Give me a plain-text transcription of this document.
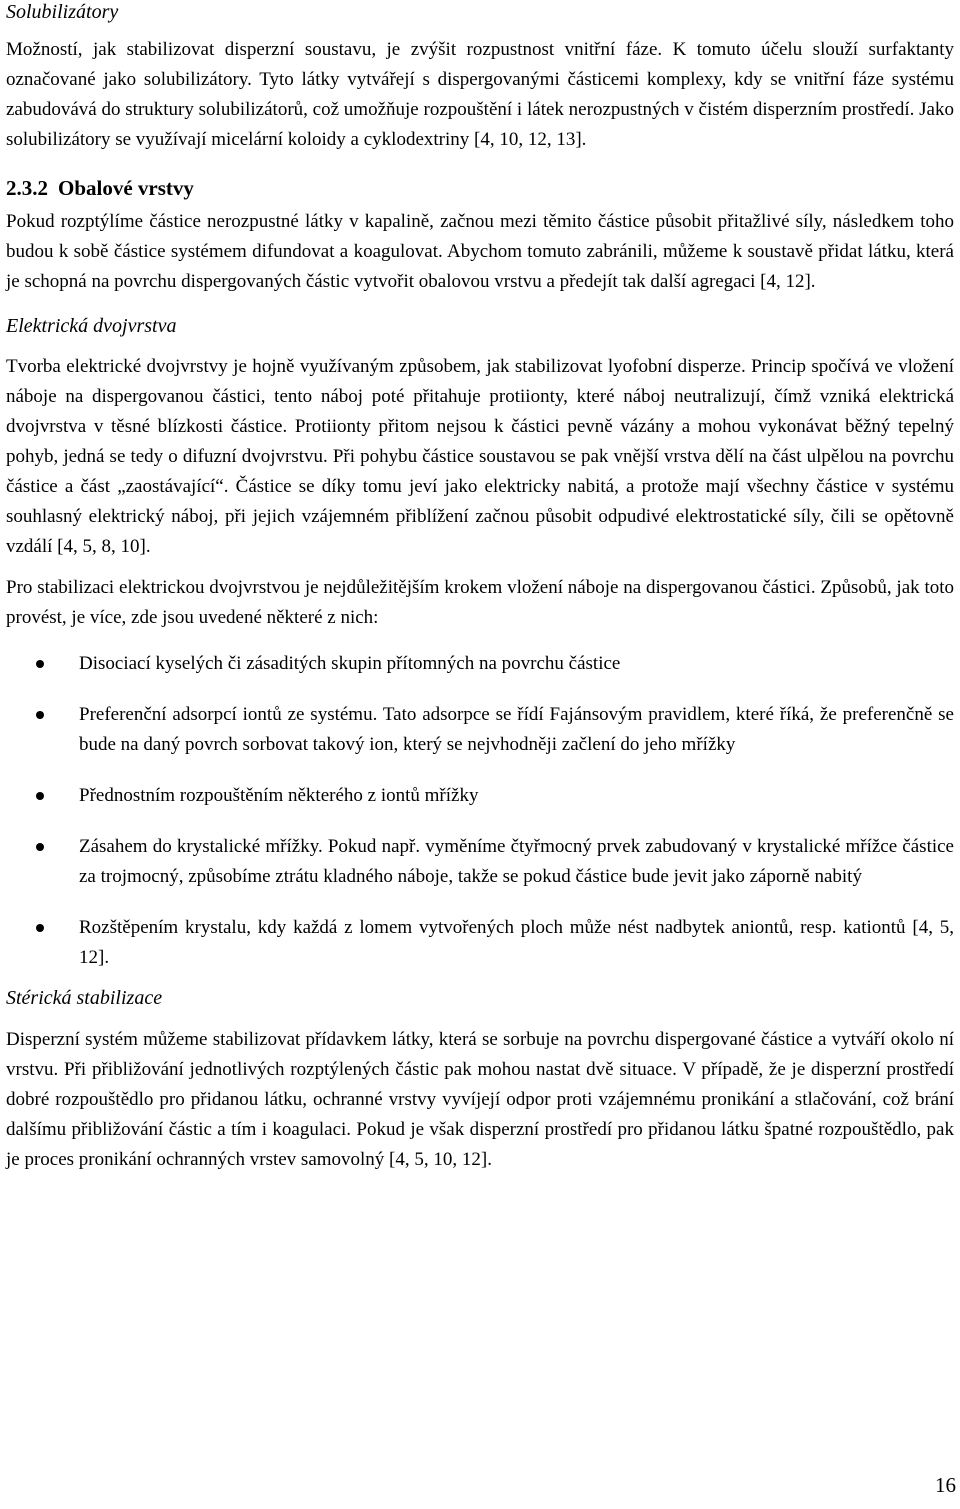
Solubilizátory

Možností, jak stabilizovat disperzní soustavu, je zvýšit rozpustnost vnitřní fáze. K tomuto účelu slouží surfaktanty označované jako solubilizátory. Tyto látky vytvářejí s dispergovanými částicemi komplexy, kdy se vnitřní fáze systému zabudovává do struktury solubilizátorů, což umožňuje rozpouštění i látek nerozpustných v čistém disperzním prostředí. Jako solubilizátory se využívají micelární koloidy a cyklodextriny [4, 10, 12, 13].

2.3.2 Obalové vrstvy

Pokud rozptýlíme částice nerozpustné látky v kapalině, začnou mezi těmito částice působit přitažlivé síly, následkem toho budou k sobě částice systémem difundovat a koagulovat. Abychom tomuto zabránili, můžeme k soustavě přidat látku, která je schopná na povrchu dispergovaných částic vytvořit obalovou vrstvu a předejít tak další agregaci [4, 12].

Elektrická dvojvrstva

Tvorba elektrické dvojvrstvy je hojně využívaným způsobem, jak stabilizovat lyofobní disperze. Princip spočívá ve vložení náboje na dispergovanou částici, tento náboj poté přitahuje protiionty, které náboj neutralizují, čímž vzniká elektrická dvojvrstva v těsné blízkosti částice. Protiionty přitom nejsou k částici pevně vázány a mohou vykonávat běžný tepelný pohyb, jedná se tedy o difuzní dvojvrstvu. Při pohybu částice soustavou se pak vnější vrstva dělí na část ulpělou na povrchu částice a část „zaostávající“. Částice se díky tomu jeví jako elektricky nabitá, a protože mají všechny částice v systému souhlasný elektrický náboj, při jejich vzájemném přiblížení začnou působit odpudivé elektrostatické síly, čili se opětovně vzdálí [4, 5, 8, 10].

Pro stabilizaci elektrickou dvojvrstvou je nejdůležitějším krokem vložení náboje na dispergovanou částici. Způsobů, jak toto provést, je více, zde jsou uvedené některé z nich:

Disociací kyselých či zásaditých skupin přítomných na povrchu částice
Preferenční adsorpcí iontů ze systému. Tato adsorpce se řídí Fajánsovým pravidlem, které říká, že preferenčně se bude na daný povrch sorbovat takový ion, který se nejvhodněji začlení do jeho mřížky
Přednostním rozpouštěním některého z iontů mřížky
Zásahem do krystalické mřížky. Pokud např. vyměníme čtyřmocný prvek zabudovaný v krystalické mřížce částice za trojmocný, způsobíme ztrátu kladného náboje, takže se pokud částice bude jevit jako záporně nabitý
Rozštěpením krystalu, kdy každá z lomem vytvořených ploch může nést nadbytek aniontů, resp. kationtů [4, 5, 12].

Stérická stabilizace

Disperzní systém můžeme stabilizovat přídavkem látky, která se sorbuje na povrchu dispergované částice a vytváří okolo ní vrstvu. Při přibližování jednotlivých rozptýlených částic pak mohou nastat dvě situace. V případě, že je disperzní prostředí dobré rozpouštědlo pro přidanou látku, ochranné vrstvy vyvíjejí odpor proti vzájemnému pronikání a stlačování, což brání dalšímu přibližování částic a tím i koagulaci. Pokud je však disperzní prostředí pro přidanou látku špatné rozpouštědlo, pak je proces pronikání ochranných vrstev samovolný [4, 5, 10, 12].

16
